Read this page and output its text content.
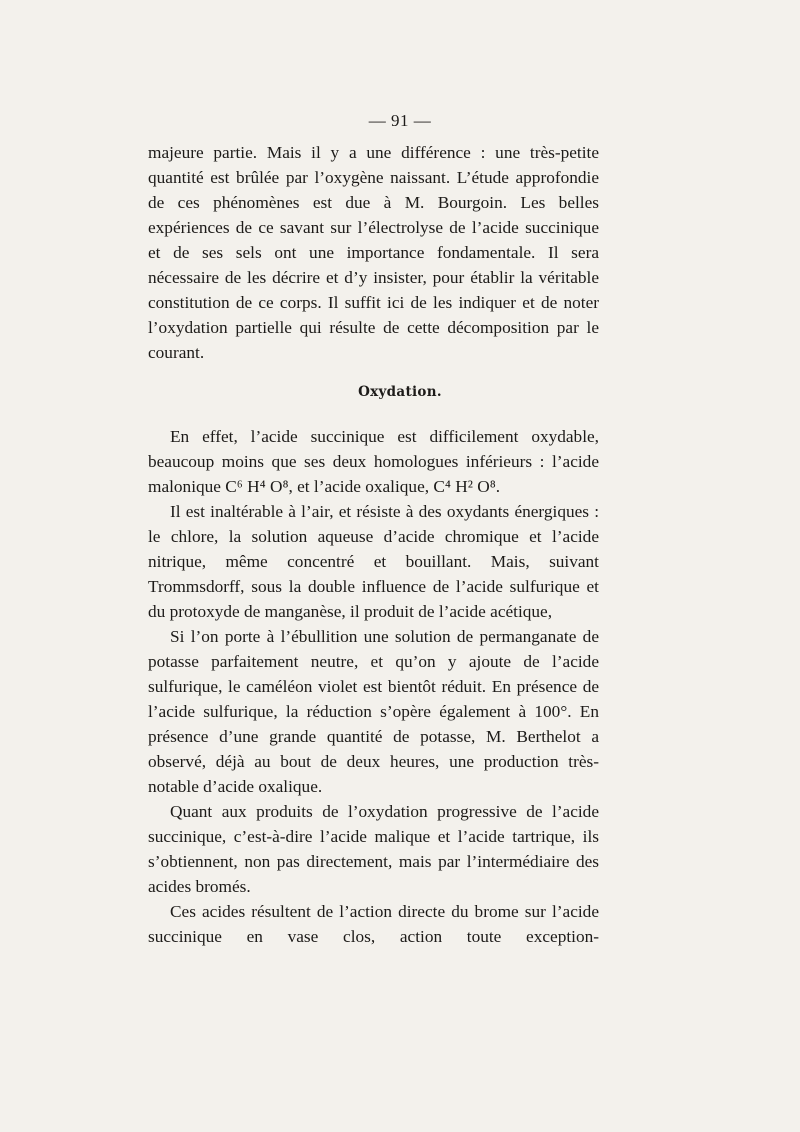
— 91 —

majeure partie. Mais il y a une différence : une très-petite quantité est brûlée par l’oxygène naissant. L’étude approfondie de ces phénomènes est due à M. Bourgoin. Les belles expériences de ce savant sur l’électrolyse de l’acide succinique et de ses sels ont une importance fondamentale. Il sera nécessaire de les décrire et d’y insister, pour établir la véritable constitution de ce corps. Il suffit ici de les indiquer et de noter l’oxydation partielle qui résulte de cette décomposition par le courant.

Oxydation.

En effet, l’acide succinique est difficilement oxydable, beaucoup moins que ses deux homologues inférieurs : l’acide malonique C⁶ H⁴ O⁸, et l’acide oxalique, C⁴ H² O⁸.

Il est inaltérable à l’air, et résiste à des oxydants énergiques : le chlore, la solution aqueuse d’acide chromique et l’acide nitrique, même concentré et bouillant. Mais, suivant Trommsdorff, sous la double influence de l’acide sulfurique et du protoxyde de manganèse, il produit de l’acide acétique,

Si l’on porte à l’ébullition une solution de permanganate de potasse parfaitement neutre, et qu’on y ajoute de l’acide sulfurique, le caméléon violet est bientôt réduit. En présence de l’acide sulfurique, la réduction s’opère également à 100°. En présence d’une grande quantité de potasse, M. Berthelot a observé, déjà au bout de deux heures, une production très-notable d’acide oxalique.

Quant aux produits de l’oxydation progressive de l’acide succinique, c’est-à-dire l’acide malique et l’acide tartrique, ils s’obtiennent, non pas directement, mais par l’intermédiaire des acides bromés.

Ces acides résultent de l’action directe du brome sur l’acide succinique en vase clos, action toute exception-
